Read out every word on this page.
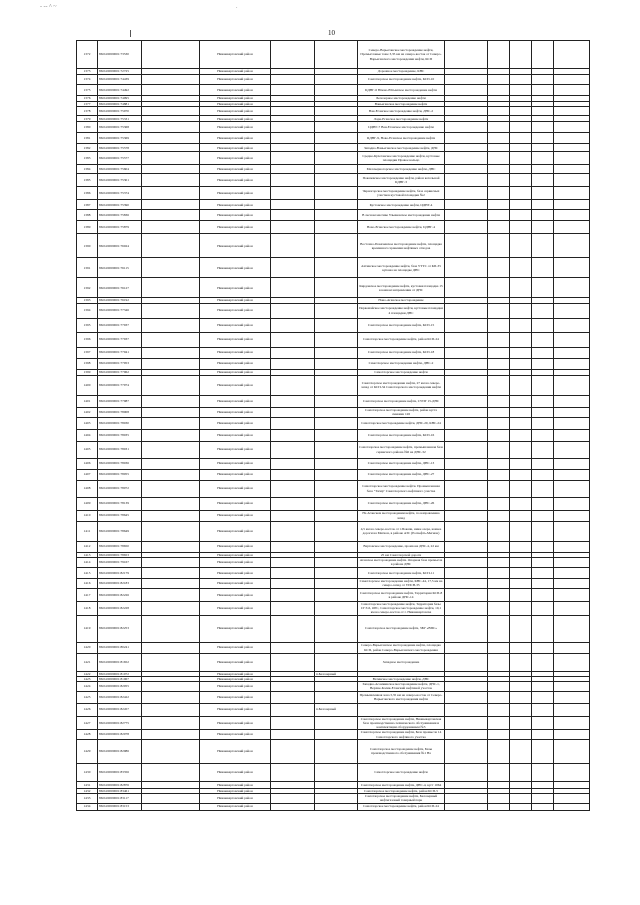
- -- ^ ~	.
10
1372	86:04:0000001:73530		Нижневартовский район			Северо-Варьеганское месторождение нефти, Промысловые тоже 3,35 км на северо-восток от Северо-Варьеганского месторождения нефти, КСП					
1373	86:04:0000001:72725		Нижневартовский район			Дорожное месторождение, КНС					
1374	86:04:0000001:74439		Нижневартовский район			Самотлорское месторождение нефти, КСП-10					
1375	86:04:0000001:74492		Нижневартовский район			ЦДНГ-6 Южно-Ютымское месторождение нефти					
1376	86:04:0000001:74995		Нижневартовский район			Белозерное месторождение нефти					
1377	86:04:0000001:74881		Нижневартовский район			Ваньеганское месторождение нефти					
1378	86:04:0000001:75970		Нижневартовский район			Ван-Еганское месторождение нефти, ДНС-2					
1379	86:04:0000001:75331		Нижневартовский район			Лорн-Еганское месторождение нефти					
1380	86:04:0000001:75368		Нижневартовский район			ЦДНГ-7 Ван-Еганское месторождение нефти					
1381	86:04:0000001:75369		Нижневартовский район			ЦДНГ-9, Ново-Еганское месторождение нефти					
1382	86:04:0000001:75578		Нижневартовский район			Западно-Ваньеганское месторождение нефти, ДНС					
1383	86:04:0000001:75577		Нижневартовский район			Средне-Кулеганское месторождение нефти, кустовые площадки Правое кольцо					
1384	86:04:0000001:75604		Нижневартовский район			Малочерногорское месторождение нефти, ДНС					
1385	86:04:0000001:75301		Нижневартовский район			Покачевское месторождение нефти, район котельной ЦДНГ-3					
1386	86:04:0000001:75374		Нижневартовский район			Черногорское месторождение нефти, база сервисных участков кустовой площадки №2					
1387	86:04:0000001:75390		Нижневартовский район			Кустовское месторождение нефти, ЦДНГ-4					
1388	86:04:0000001:75836		Нижневартовский район			В лесном массиве Ульяновское месторождение нефти					
1389	86:04:0000001:75879		Нижневартовский район			Ново-Еганское месторождение нефти, ЦДНГ-4					
1390	86:04:0000001:76024		Нижневартовский район			Восточно-Покачевское месторождение нефти, площадка временного хранения нефтяных отходов					
1391	86:04:0000001:76115		Нижневартовский район			Ахтинское месторождение нефти, база УТТС от КП-35 купажа на площадке ДНС					
1392	86:04:0000001:76127		Нижневартовский район			Кирдовское месторождение нефти, кустовая площадка 15 в южном направлении от ДНС					
1393	86:04:0000001:76192		Нижневартовский район			Ново-Аганское месторождение					
1394	86:04:0000001:77346		Нижневартовский район			Первомайское месторождение нефти, кустовые площадки 4 площадки ДНС					
1395	86:04:0000001:77937		Нижневартовский район			Самотлорское месторождение нефти, КСП-15					
1396	86:04:0000001:77937		Нижневартовский район			Самотлорское месторождение нефти, район КСП-24					
1397	86:04:0000001:77941		Нижневартовский район			Самотлорское месторождение нефти, КСП-18					
1398	86:04:0000001:77953		Нижневартовский район			Самотлорское месторождение нефти, ДНС-2					
1399	86:04:0000001:77962		Нижневартовский район			Самотлорское месторождение нефти					
1400	86:04:0000001:77974		Нижневартовский район			Самотлорское месторождение нефти, 27 км на северо-запад от КСП-34 Самотлорского месторождения нефти					
1401	86:04:0000001:77987		Нижневартовский район			Самотлорское месторождение нефти, СУПГ 15-ДНС					
1402	86:04:0000001:78008		Нижневартовский район			Самотлорское месторождение нефти, район куста скважин 126					
1403	86:04:0000001:78030		Нижневартовский район			Самотлорское месторождение нефти, ДНС-20, КНС-24					
1404	86:04:0000001:78035		Нижневартовский район			Самотлорское месторождение нефти, КСП-16					
1405	86:04:0000001:78031		Нижневартовский район			Самотлорское месторождение нефти, промышленная база сервисного района №6 на ДНС-32					
1406	86:04:0000001:78036		Нижневартовский район			Самотлорское месторождение нефти, ДНС-13					
1407	86:04:0000001:78055		Нижневартовский район			Самотлорское месторождение нефти, ДНС-27					
1408	86:04:0000001:78072		Нижневартовский район			Самотлорское месторождение нефти. Промышленная база "Тагир" Самотлорского нефтяного участка					
1409	86:04:0000001:78139		Нижневартовский район			Самотлорское месторождение нефти, ДНС-26					
1410	86:04:0000001:78645		Нижневартовский район			На Аганском месторождении нефти, по направлению запад					
1411	86:04:0000001:78649		Нижневартовский район			4,5 км на северо-восток от г.Покачи, ниже озера, южнее дороги на Мегион, в районе АЗС (Роснефть-Мегион)					
1412	86:04:0000001:78650		Нижневартовский район			Вартовское месторождение, промзона ДНС-4, 22 км					
1413	86:04:0000001:78653		Нижневартовский район			25 км Самотлорской дороги					
1414	86:04:0000001:79167		Нижневартовский район			Аганское месторождение нефти. Опорная база промысла в районе ДНС					
1415	86:04:0000001:82179		Нижневартовский район			Самотлорское месторождение нефти, КСП-11					
1416	86:04:0000001:82183		Нижневартовский район			Самотлорское месторождение нефти, КНС-44, 17,5 км на северо-запад от УПСВ-35					
1417	86:04:0000001:82226		Нижневартовский район			Самотлорское месторождение нефти, Территория КСП-8 в районе ДНС-14					
1418	86:04:0000001:82228		Нижневартовский район			Самотлорское месторождение нефти, Территория базы СГЭ-6, ОРС, Самотлорское месторождение нефти, 10,1 км на северо-восток от г. Нижневартовска					
1419	86:04:0000001:82253		Нижневартовский район			Самотлорское месторождение нефти, ЗБУ «ВПС»					
1420	86:04:0000001:80241		Нижневартовский район			Северо-Варьеганское месторождение нефти, площадка КСП, район Северо-Варьеганского месторождения					
1421	86:04:0000001:81652		Нижневартовский район			Западное месторождение					
1422	86:04:0000001:81972		Нижневартовский район		п.Белозерный						
1423	86:04:0000001:81967		Нижневартовский район			Ватинское месторождение нефти, ДНС					
1424	86:04:0000001:82055		Нижневартовский район			Западно-Асомкинское месторождение нефти, ДНС-1, Верхне-Колик-Еганский нефтяной участок					
1425	86:04:0000001:82422		Нижневартовский район			Промышленная зона 3,35 км на северо-восток от Северо-Варьеганского месторождения нефти					
1426	86:04:0000001:82457		Нижневартовский район		п.Белозерный						
1427	86:04:0000001:82775		Нижневартовский район			Самотлорское месторождение нефти, Нижневартовская база производственно-технического обслуживания и комплектации оборудованием №3					
1428	86:04:0000001:82078		Нижневартовский район			Самотлорское месторождение нефти, База промысла 14 Самотлорского нефтяного участка					
1429	86:04:0000001:82986		Нижневартовский район			Самотлорское месторождение нефти, Базы производственного обслуживания №1 На					
1430	86:04:0000001:83356		Нижневартовский район			Самотлорское месторождение нефти					
1431	86:04:0000001:82876		Нижневартовский район			Самотлорское месторождение нефти, ДНС-4, куст 1064					
1432	86:04:0000001:83461		Нижневартовский район			Самотлорское месторождение нефти, район КСП-5					
1433	86:04:0000001:83117		Нижневартовский район			Самотлорское месторождение нефти, Белозерный нефтегазовый товарный парк					
1434	86:04:0000001:83153		Нижневартовский район			Самотлорское месторождение нефти, район КСП-24					
